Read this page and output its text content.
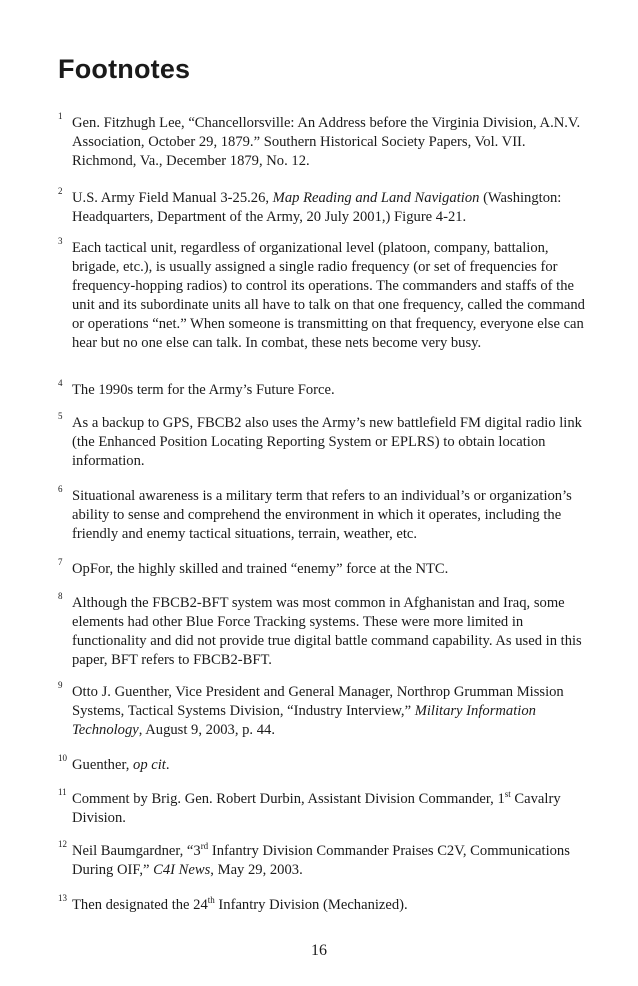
Footnotes
1 Gen. Fitzhugh Lee, “Chancellorsville: An Address before the Virginia Division, A.N.V. Association, October 29, 1879.” Southern Historical Society Papers, Vol. VII. Richmond, Va., December 1879, No. 12.
2 U.S. Army Field Manual 3-25.26, Map Reading and Land Navigation (Washington: Headquarters, Department of the Army, 20 July 2001,) Figure 4-21.
3 Each tactical unit, regardless of organizational level (platoon, company, battalion, brigade, etc.), is usually assigned a single radio frequency (or set of frequencies for frequency-hopping radios) to control its operations. The commanders and staffs of the unit and its subordinate units all have to talk on that one frequency, called the command or operations “net.” When someone is transmitting on that frequency, everyone else can hear but no one else can talk. In combat, these nets become very busy.
4 The 1990s term for the Army’s Future Force.
5 As a backup to GPS, FBCB2 also uses the Army’s new battlefield FM digital radio link (the Enhanced Position Locating Reporting System or EPLRS) to obtain location information.
6 Situational awareness is a military term that refers to an individual’s or organization’s ability to sense and comprehend the environment in which it operates, including the friendly and enemy tactical situations, terrain, weather, etc.
7 OpFor, the highly skilled and trained “enemy” force at the NTC.
8 Although the FBCB2-BFT system was most common in Afghanistan and Iraq, some elements had other Blue Force Tracking systems. These were more limited in functionality and did not provide true digital battle command capability. As used in this paper, BFT refers to FBCB2-BFT.
9 Otto J. Guenther, Vice President and General Manager, Northrop Grumman Mission Systems, Tactical Systems Division, “Industry Interview,” Military Information Technology, August 9, 2003, p. 44.
10 Guenther, op cit.
11 Comment by Brig. Gen. Robert Durbin, Assistant Division Commander, 1st Cavalry Division.
12 Neil Baumgardner, “3rd Infantry Division Commander Praises C2V, Communications During OIF,” C4I News, May 29, 2003.
13 Then designated the 24th Infantry Division (Mechanized).
16
